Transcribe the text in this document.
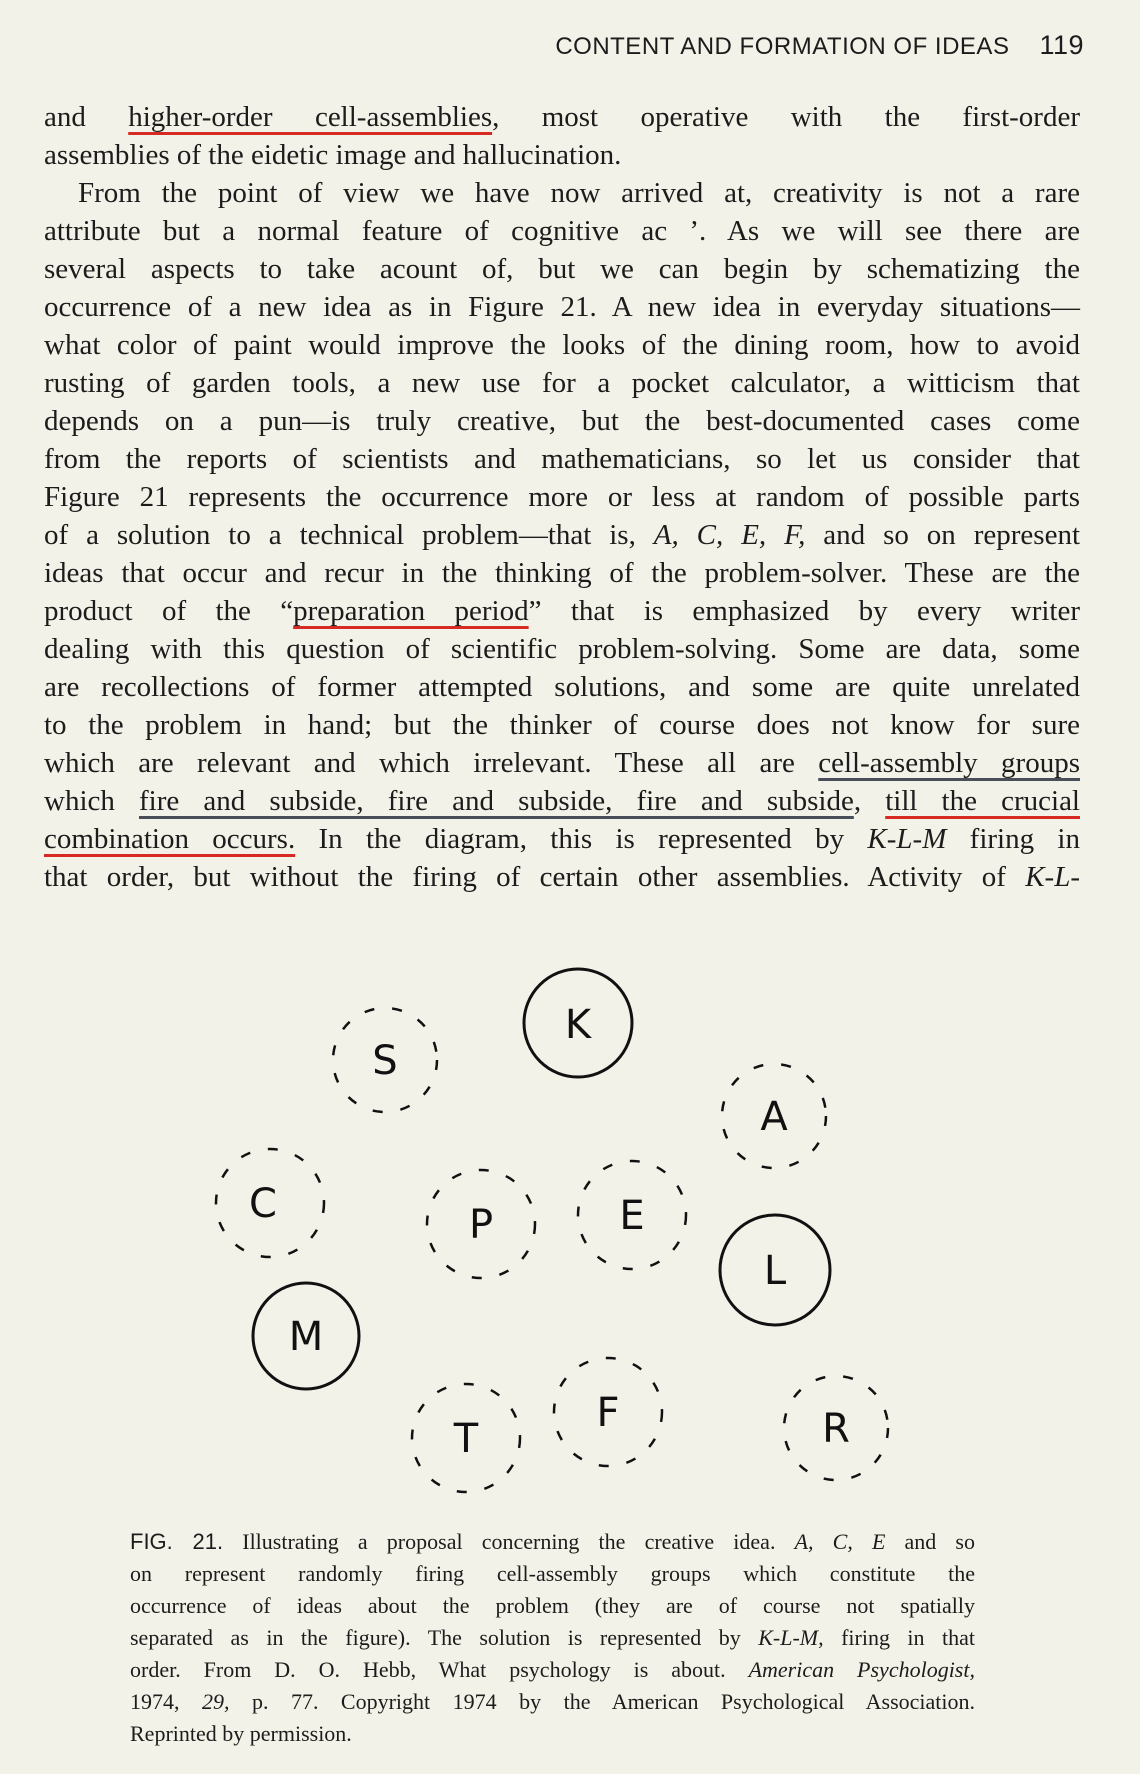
CONTENT AND FORMATION OF IDEAS 119
and higher-order cell-assemblies, most operative with the first-order
assemblies of the eidetic image and hallucination.
From the point of view we have now arrived at, creativity is not a rare
attribute but a normal feature of cognitive ac ʼ. As we will see there are
several aspects to take acount of, but we can begin by schematizing the
occurrence of a new idea as in Figure 21. A new idea in everyday situations—
what color of paint would improve the looks of the dining room, how to avoid
rusting of garden tools, a new use for a pocket calculator, a witticism that
depends on a pun—is truly creative, but the best-documented cases come
from the reports of scientists and mathematicians, so let us consider that
Figure 21 represents the occurrence more or less at random of possible parts
of a solution to a technical problem—that is, A, C, E, F, and so on represent
ideas that occur and recur in the thinking of the problem-solver. These are the
product of the “preparation period” that is emphasized by every writer
dealing with this question of scientific problem-solving. Some are data, some
are recollections of former attempted solutions, and some are quite unrelated
to the problem in hand; but the thinker of course does not know for sure
which are relevant and which irrelevant. These all are cell-assembly groups
which fire and subside, fire and subside, fire and subside, till the crucial
combination occurs. In the diagram, this is represented by K-L-M firing in
that order, but without the firing of certain other assemblies. Activity of K-L-
S
K
A
C	P	E
L
M
T
F	R
FIG. 21. Illustrating a proposal concerning the creative idea. A, C, E and so
on represent randomly firing cell-assembly groups which constitute the
occurrence of ideas about the problem (they are of course not spatially
separated as in the figure). The solution is represented by K-L-M, firing in that
order. From D. O. Hebb, What psychology is about. American Psychologist,
1974, 29, p. 77. Copyright 1974 by the American Psychological Association.
Reprinted by permission.
